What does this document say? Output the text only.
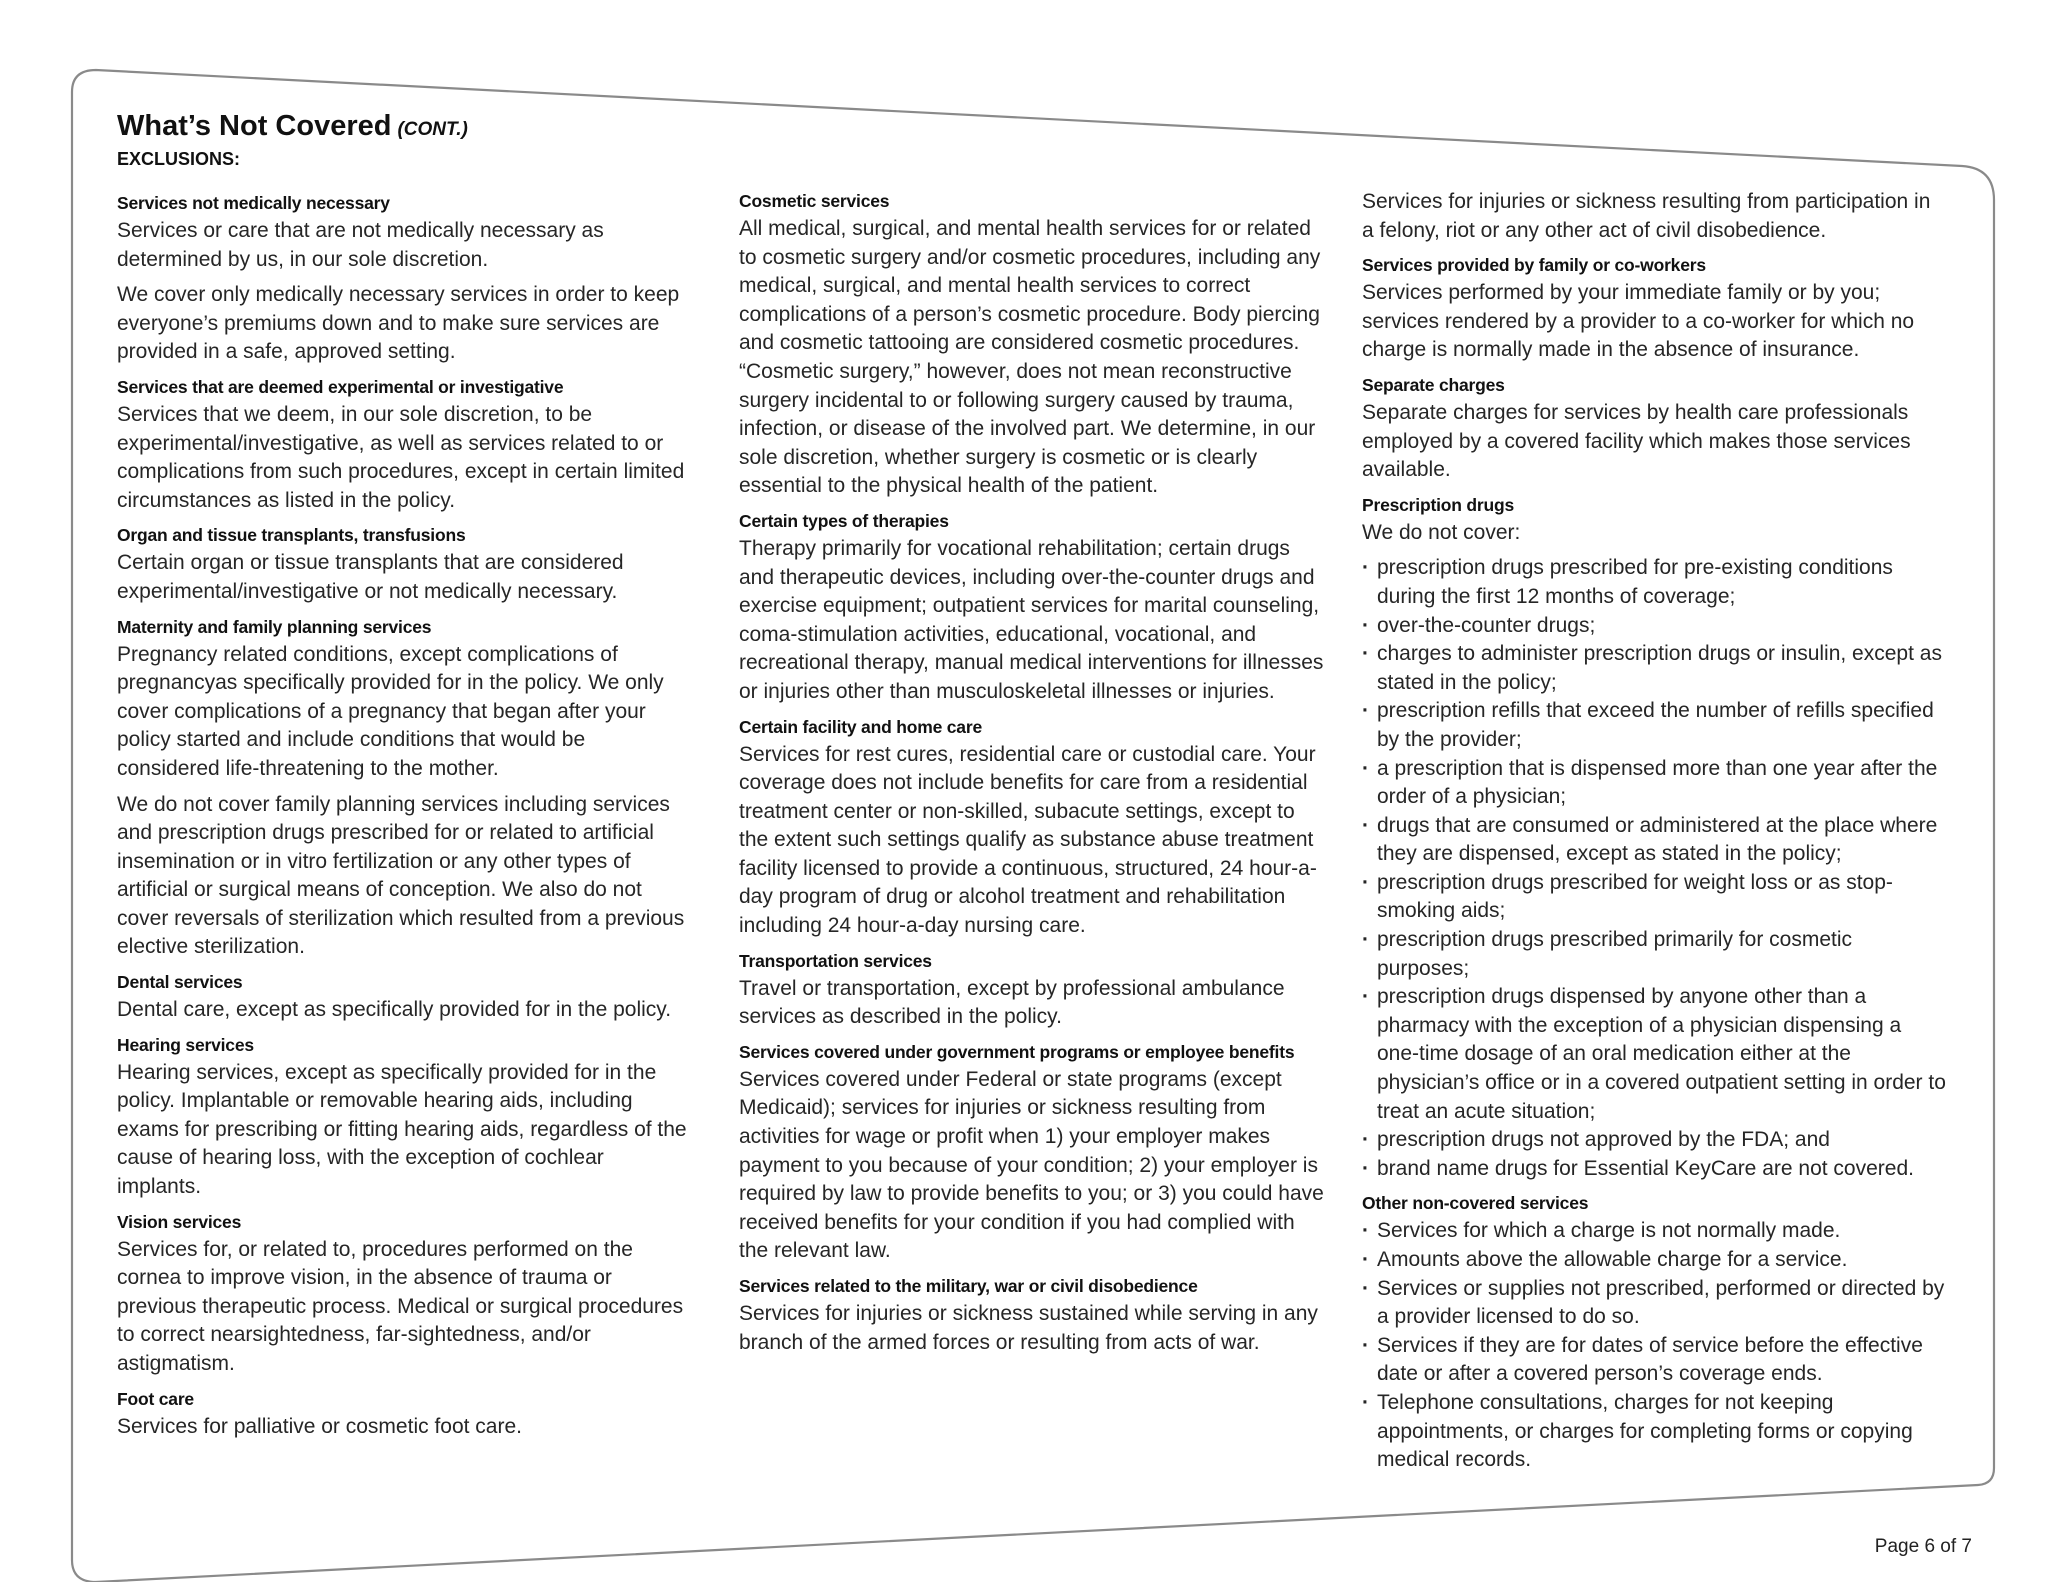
What’s Not Covered (CONT.)
EXCLUSIONS:
Services not medically necessary
Services or care that are not medically necessary as determined by us, in our sole discretion.
We cover only medically necessary services in order to keep everyone’s premiums down and to make sure services are provided in a safe, approved setting.
Services that are deemed experimental or investigative
Services that we deem, in our sole discretion, to be experimental/investigative, as well as services related to or complications from such procedures, except in certain limited circumstances as listed in the policy.
Organ and tissue transplants, transfusions
Certain organ or tissue transplants that are considered experimental/investigative or not medically necessary.
Maternity and family planning services
Pregnancy related conditions, except complications of pregnancyas specifically provided for in the policy. We only cover complications of a pregnancy that began after your policy started and include conditions that would be considered life-threatening to the mother.
We do not cover family planning services including services and prescription drugs prescribed for or related to artificial insemination or in vitro fertilization or any other types of artificial or surgical means of conception. We also do not cover reversals of sterilization which resulted from a previous elective sterilization.
Dental services
Dental care, except as specifically provided for in the policy.
Hearing services
Hearing services, except as specifically provided for in the policy. Implantable or removable hearing aids, including exams for prescribing or fitting hearing aids, regardless of the cause of hearing loss, with the exception of cochlear implants.
Vision services
Services for, or related to, procedures performed on the cornea to improve vision, in the absence of trauma or previous therapeutic process. Medical or surgical procedures to correct nearsightedness, far-sightedness, and/or astigmatism.
Foot care
Services for palliative or cosmetic foot care.
Cosmetic services
All medical, surgical, and mental health services for or related to cosmetic surgery and/or cosmetic procedures, including any medical, surgical, and mental health services to correct complications of a person’s cosmetic procedure. Body piercing and cosmetic tattooing are considered cosmetic procedures. “Cosmetic surgery,” however, does not mean reconstructive surgery incidental to or following surgery caused by trauma, infection, or disease of the involved part. We determine, in our sole discretion, whether surgery is cosmetic or is clearly essential to the physical health of the patient.
Certain types of therapies
Therapy primarily for vocational rehabilitation; certain drugs and therapeutic devices, including over-the-counter drugs and exercise equipment; outpatient services for marital counseling, coma-stimulation activities, educational, vocational, and recreational therapy, manual medical interventions for illnesses or injuries other than musculoskeletal illnesses or injuries.
Certain facility and home care
Services for rest cures, residential care or custodial care. Your coverage does not include benefits for care from a residential treatment center or non-skilled, subacute settings, except to the extent such settings qualify as substance abuse treatment facility licensed to provide a continuous, structured, 24 hour-a-day program of drug or alcohol treatment and rehabilitation including 24 hour-a-day nursing care.
Transportation services
Travel or transportation, except by professional ambulance services as described in the policy.
Services covered under government programs or employee benefits
Services covered under Federal or state programs (except Medicaid); services for injuries or sickness resulting from activities for wage or profit when 1) your employer makes payment to you because of your condition; 2) your employer is required by law to provide benefits to you; or 3) you could have received benefits for your condition if you had complied with the relevant law.
Services related to the military, war or civil disobedience
Services for injuries or sickness sustained while serving in any branch of the armed forces or resulting from acts of war.
Services for injuries or sickness resulting from participation in a felony, riot or any other act of civil disobedience.
Services provided by family or co-workers
Services performed by your immediate family or by you; services rendered by a provider to a co-worker for which no charge is normally made in the absence of insurance.
Separate charges
Separate charges for services by health care professionals employed by a covered facility which makes those services available.
Prescription drugs
We do not cover:
· prescription drugs prescribed for pre-existing conditions during the first 12 months of coverage;
· over-the-counter drugs;
· charges to administer prescription drugs or insulin, except as stated in the policy;
· prescription refills that exceed the number of refills specified by the provider;
· a prescription that is dispensed more than one year after the order of a physician;
· drugs that are consumed or administered at the place where they are dispensed, except as stated in the policy;
· prescription drugs prescribed for weight loss or as stop-smoking aids;
· prescription drugs prescribed primarily for cosmetic purposes;
· prescription drugs dispensed by anyone other than a pharmacy with the exception of a physician dispensing a one-time dosage of an oral medication either at the physician’s office or in a covered outpatient setting in order to treat an acute situation;
· prescription drugs not approved by the FDA; and
· brand name drugs for Essential KeyCare are not covered.
Other non-covered services
· Services for which a charge is not normally made.
· Amounts above the allowable charge for a service.
· Services or supplies not prescribed, performed or directed by a provider licensed to do so.
· Services if they are for dates of service before the effective date or after a covered person’s coverage ends.
· Telephone consultations, charges for not keeping appointments, or charges for completing forms or copying medical records.
Page 6 of 7
